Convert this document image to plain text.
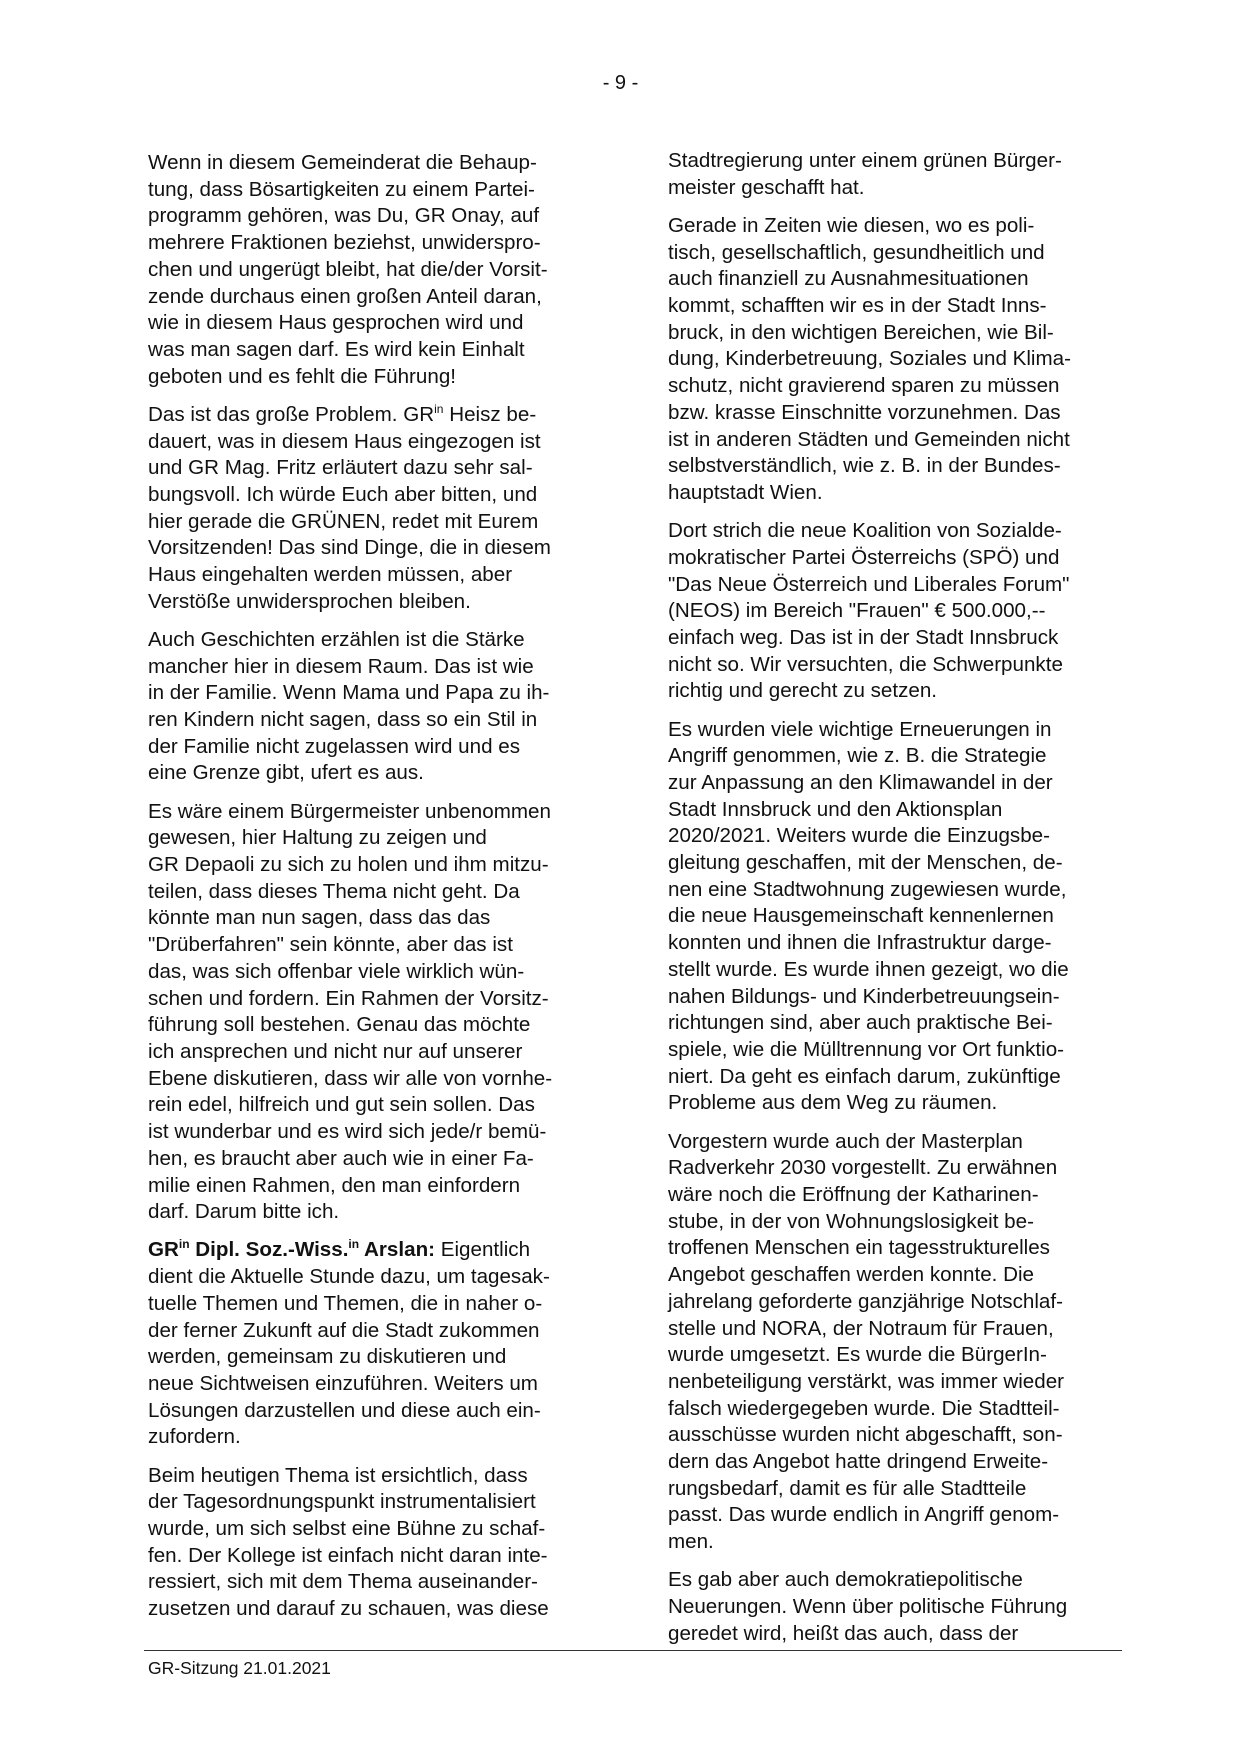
- 9 -

Wenn in diesem Gemeinderat die Behaup-
tung, dass Bösartigkeiten zu einem Partei-
programm gehören, was Du, GR Onay, auf
mehrere Fraktionen beziehst, unwiderspro-
chen und ungerügt bleibt, hat die/der Vorsit-
zende durchaus einen großen Anteil daran,
wie in diesem Haus gesprochen wird und
was man sagen darf. Es wird kein Einhalt
geboten und es fehlt die Führung!

Das ist das große Problem. $GR^{in}$ Heisz be-
dauert, was in diesem Haus eingezogen ist
und GR Mag. Fritz erläutert dazu sehr sal-
bungsvoll. Ich würde Euch aber bitten, und
hier gerade die GRÜNEN, redet mit Eurem
Vorsitzenden! Das sind Dinge, die in diesem
Haus eingehalten werden müssen, aber
Verstöße unwidersprochen bleiben.

Auch Geschichten erzählen ist die Stärke
mancher hier in diesem Raum. Das ist wie
in der Familie. Wenn Mama und Papa zu ih-
ren Kindern nicht sagen, dass so ein Stil in
der Familie nicht zugelassen wird und es
eine Grenze gibt, ufert es aus.

Es wäre einem Bürgermeister unbenommen
gewesen, hier Haltung zu zeigen und
GR Depaoli zu sich zu holen und ihm mitzu-
teilen, dass dieses Thema nicht geht. Da
könnte man nun sagen, dass das das
"Drüberfahren" sein könnte, aber das ist
das, was sich offenbar viele wirklich wün-
schen und fordern. Ein Rahmen der Vorsitz-
führung soll bestehen. Genau das möchte
ich ansprechen und nicht nur auf unserer
Ebene diskutieren, dass wir alle von vornhe-
rein edel, hilfreich und gut sein sollen. Das
ist wunderbar und es wird sich jede/r bemü-
hen, es braucht aber auch wie in einer Fa-
milie einen Rahmen, den man einfordern
darf. Darum bitte ich.

$GR^{in}$ Dipl. Soz.-Wiss.$^{in}$ Arslan: Eigentlich
dient die Aktuelle Stunde dazu, um tagesak-
tuelle Themen und Themen, die in naher o-
der ferner Zukunft auf die Stadt zukommen
werden, gemeinsam zu diskutieren und
neue Sichtweisen einzuführen. Weiters um
Lösungen darzustellen und diese auch ein-
zufordern.

Beim heutigen Thema ist ersichtlich, dass
der Tagesordnungspunkt instrumentalisiert
wurde, um sich selbst eine Bühne zu schaf-
fen. Der Kollege ist einfach nicht daran inte-
ressiert, sich mit dem Thema auseinander-
zusetzen und darauf zu schauen, was diese

Stadtregierung unter einem grünen Bürger-
meister geschafft hat.

Gerade in Zeiten wie diesen, wo es poli-
tisch, gesellschaftlich, gesundheitlich und
auch finanziell zu Ausnahmesituationen
kommt, schafften wir es in der Stadt Inns-
bruck, in den wichtigen Bereichen, wie Bil-
dung, Kinderbetreuung, Soziales und Klima-
schutz, nicht gravierend sparen zu müssen
bzw. krasse Einschnitte vorzunehmen. Das
ist in anderen Städten und Gemeinden nicht
selbstverständlich, wie z. B. in der Bundes-
hauptstadt Wien.

Dort strich die neue Koalition von Sozialde-
mokratischer Partei Österreichs (SPÖ) und
"Das Neue Österreich und Liberales Forum"
(NEOS) im Bereich "Frauen" € 500.000,--
einfach weg. Das ist in der Stadt Innsbruck
nicht so. Wir versuchten, die Schwerpunkte
richtig und gerecht zu setzen.

Es wurden viele wichtige Erneuerungen in
Angriff genommen, wie z. B. die Strategie
zur Anpassung an den Klimawandel in der
Stadt Innsbruck und den Aktionsplan
2020/2021. Weiters wurde die Einzugsbe-
gleitung geschaffen, mit der Menschen, de-
nen eine Stadtwohnung zugewiesen wurde,
die neue Hausgemeinschaft kennenlernen
konnten und ihnen die Infrastruktur darge-
stellt wurde. Es wurde ihnen gezeigt, wo die
nahen Bildungs- und Kinderbetreuungsein-
richtungen sind, aber auch praktische Bei-
spiele, wie die Mülltrennung vor Ort funktio-
niert. Da geht es einfach darum, zukünftige
Probleme aus dem Weg zu räumen.

Vorgestern wurde auch der Masterplan
Radverkehr 2030 vorgestellt. Zu erwähnen
wäre noch die Eröffnung der Katharinen-
stube, in der von Wohnungslosigkeit be-
troffenen Menschen ein tagesstrukturelles
Angebot geschaffen werden konnte. Die
jahrelang geforderte ganzjährige Notschlaf-
stelle und NORA, der Notraum für Frauen,
wurde umgesetzt. Es wurde die BürgerIn-
nenbeteiligung verstärkt, was immer wieder
falsch wiedergegeben wurde. Die Stadtteil-
ausschüsse wurden nicht abgeschafft, son-
dern das Angebot hatte dringend Erweite-
rungsbedarf, damit es für alle Stadtteile
passt. Das wurde endlich in Angriff genom-
men.

Es gab aber auch demokratiepolitische
Neuerungen. Wenn über politische Führung
geredet wird, heißt das auch, dass der

GR-Sitzung 21.01.2021
